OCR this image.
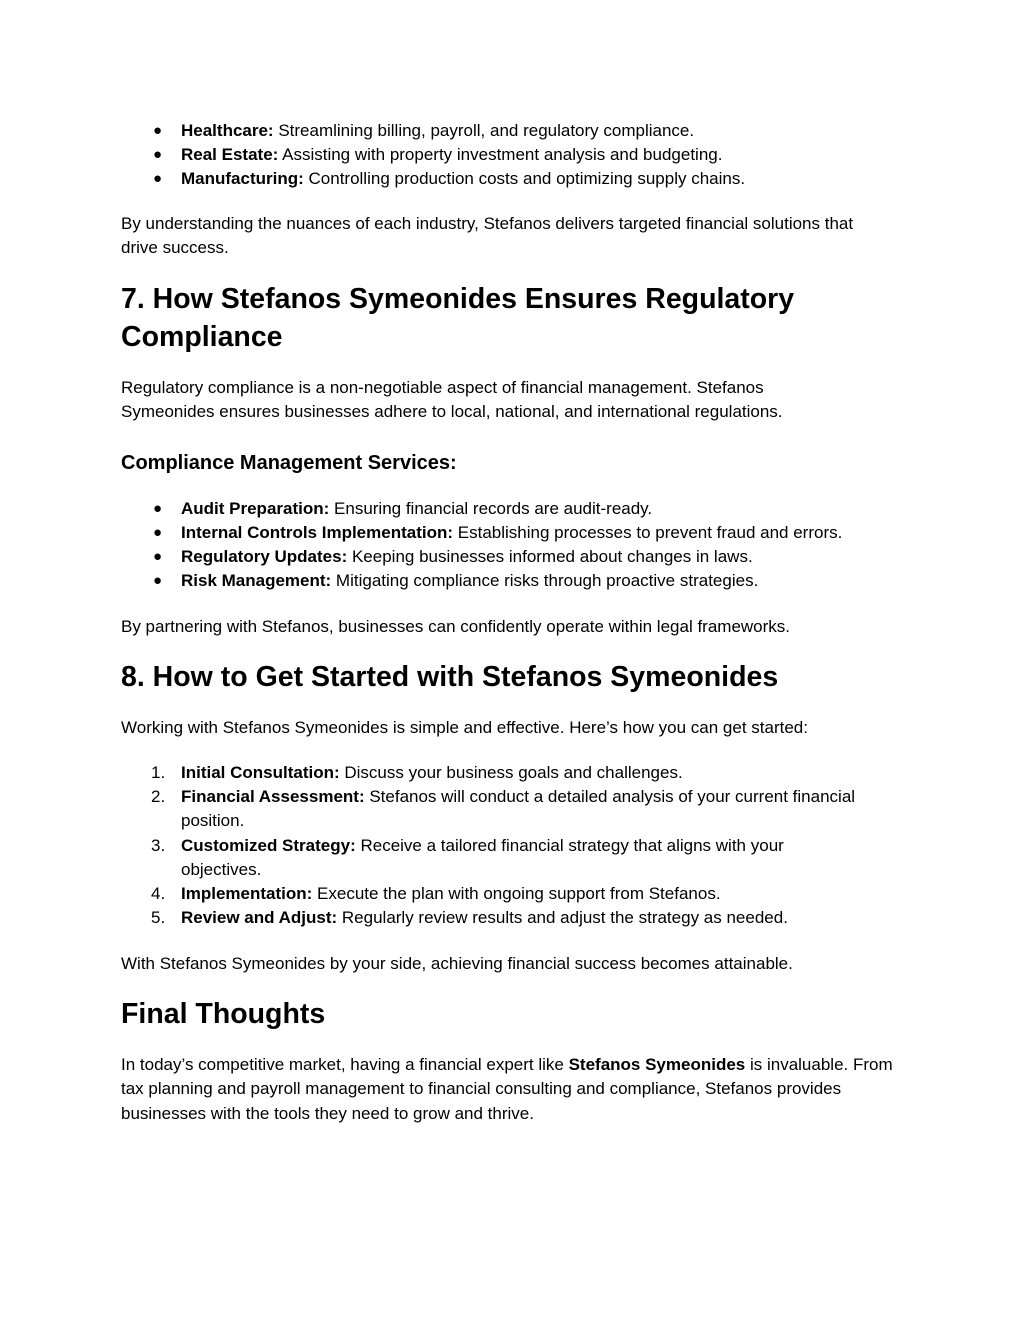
●	Healthcare: Streamlining billing, payroll, and regulatory compliance.
●	Real Estate: Assisting with property investment analysis and budgeting.
●	Manufacturing: Controlling production costs and optimizing supply chains.

By understanding the nuances of each industry, Stefanos delivers targeted financial solutions that drive success.

7. How Stefanos Symeonides Ensures Regulatory Compliance

Regulatory compliance is a non-negotiable aspect of financial management. Stefanos Symeonides ensures businesses adhere to local, national, and international regulations.

Compliance Management Services:
●	Audit Preparation: Ensuring financial records are audit-ready.
●	Internal Controls Implementation: Establishing processes to prevent fraud and errors.
●	Regulatory Updates: Keeping businesses informed about changes in laws.
●	Risk Management: Mitigating compliance risks through proactive strategies.

By partnering with Stefanos, businesses can confidently operate within legal frameworks.

8. How to Get Started with Stefanos Symeonides

Working with Stefanos Symeonides is simple and effective. Here’s how you can get started:

1. Initial Consultation: Discuss your business goals and challenges.
2. Financial Assessment: Stefanos will conduct a detailed analysis of your current financial position.
3. Customized Strategy: Receive a tailored financial strategy that aligns with your objectives.
4. Implementation: Execute the plan with ongoing support from Stefanos.
5. Review and Adjust: Regularly review results and adjust the strategy as needed.

With Stefanos Symeonides by your side, achieving financial success becomes attainable.

Final Thoughts

In today’s competitive market, having a financial expert like Stefanos Symeonides is invaluable. From tax planning and payroll management to financial consulting and compliance, Stefanos provides businesses with the tools they need to grow and thrive.
